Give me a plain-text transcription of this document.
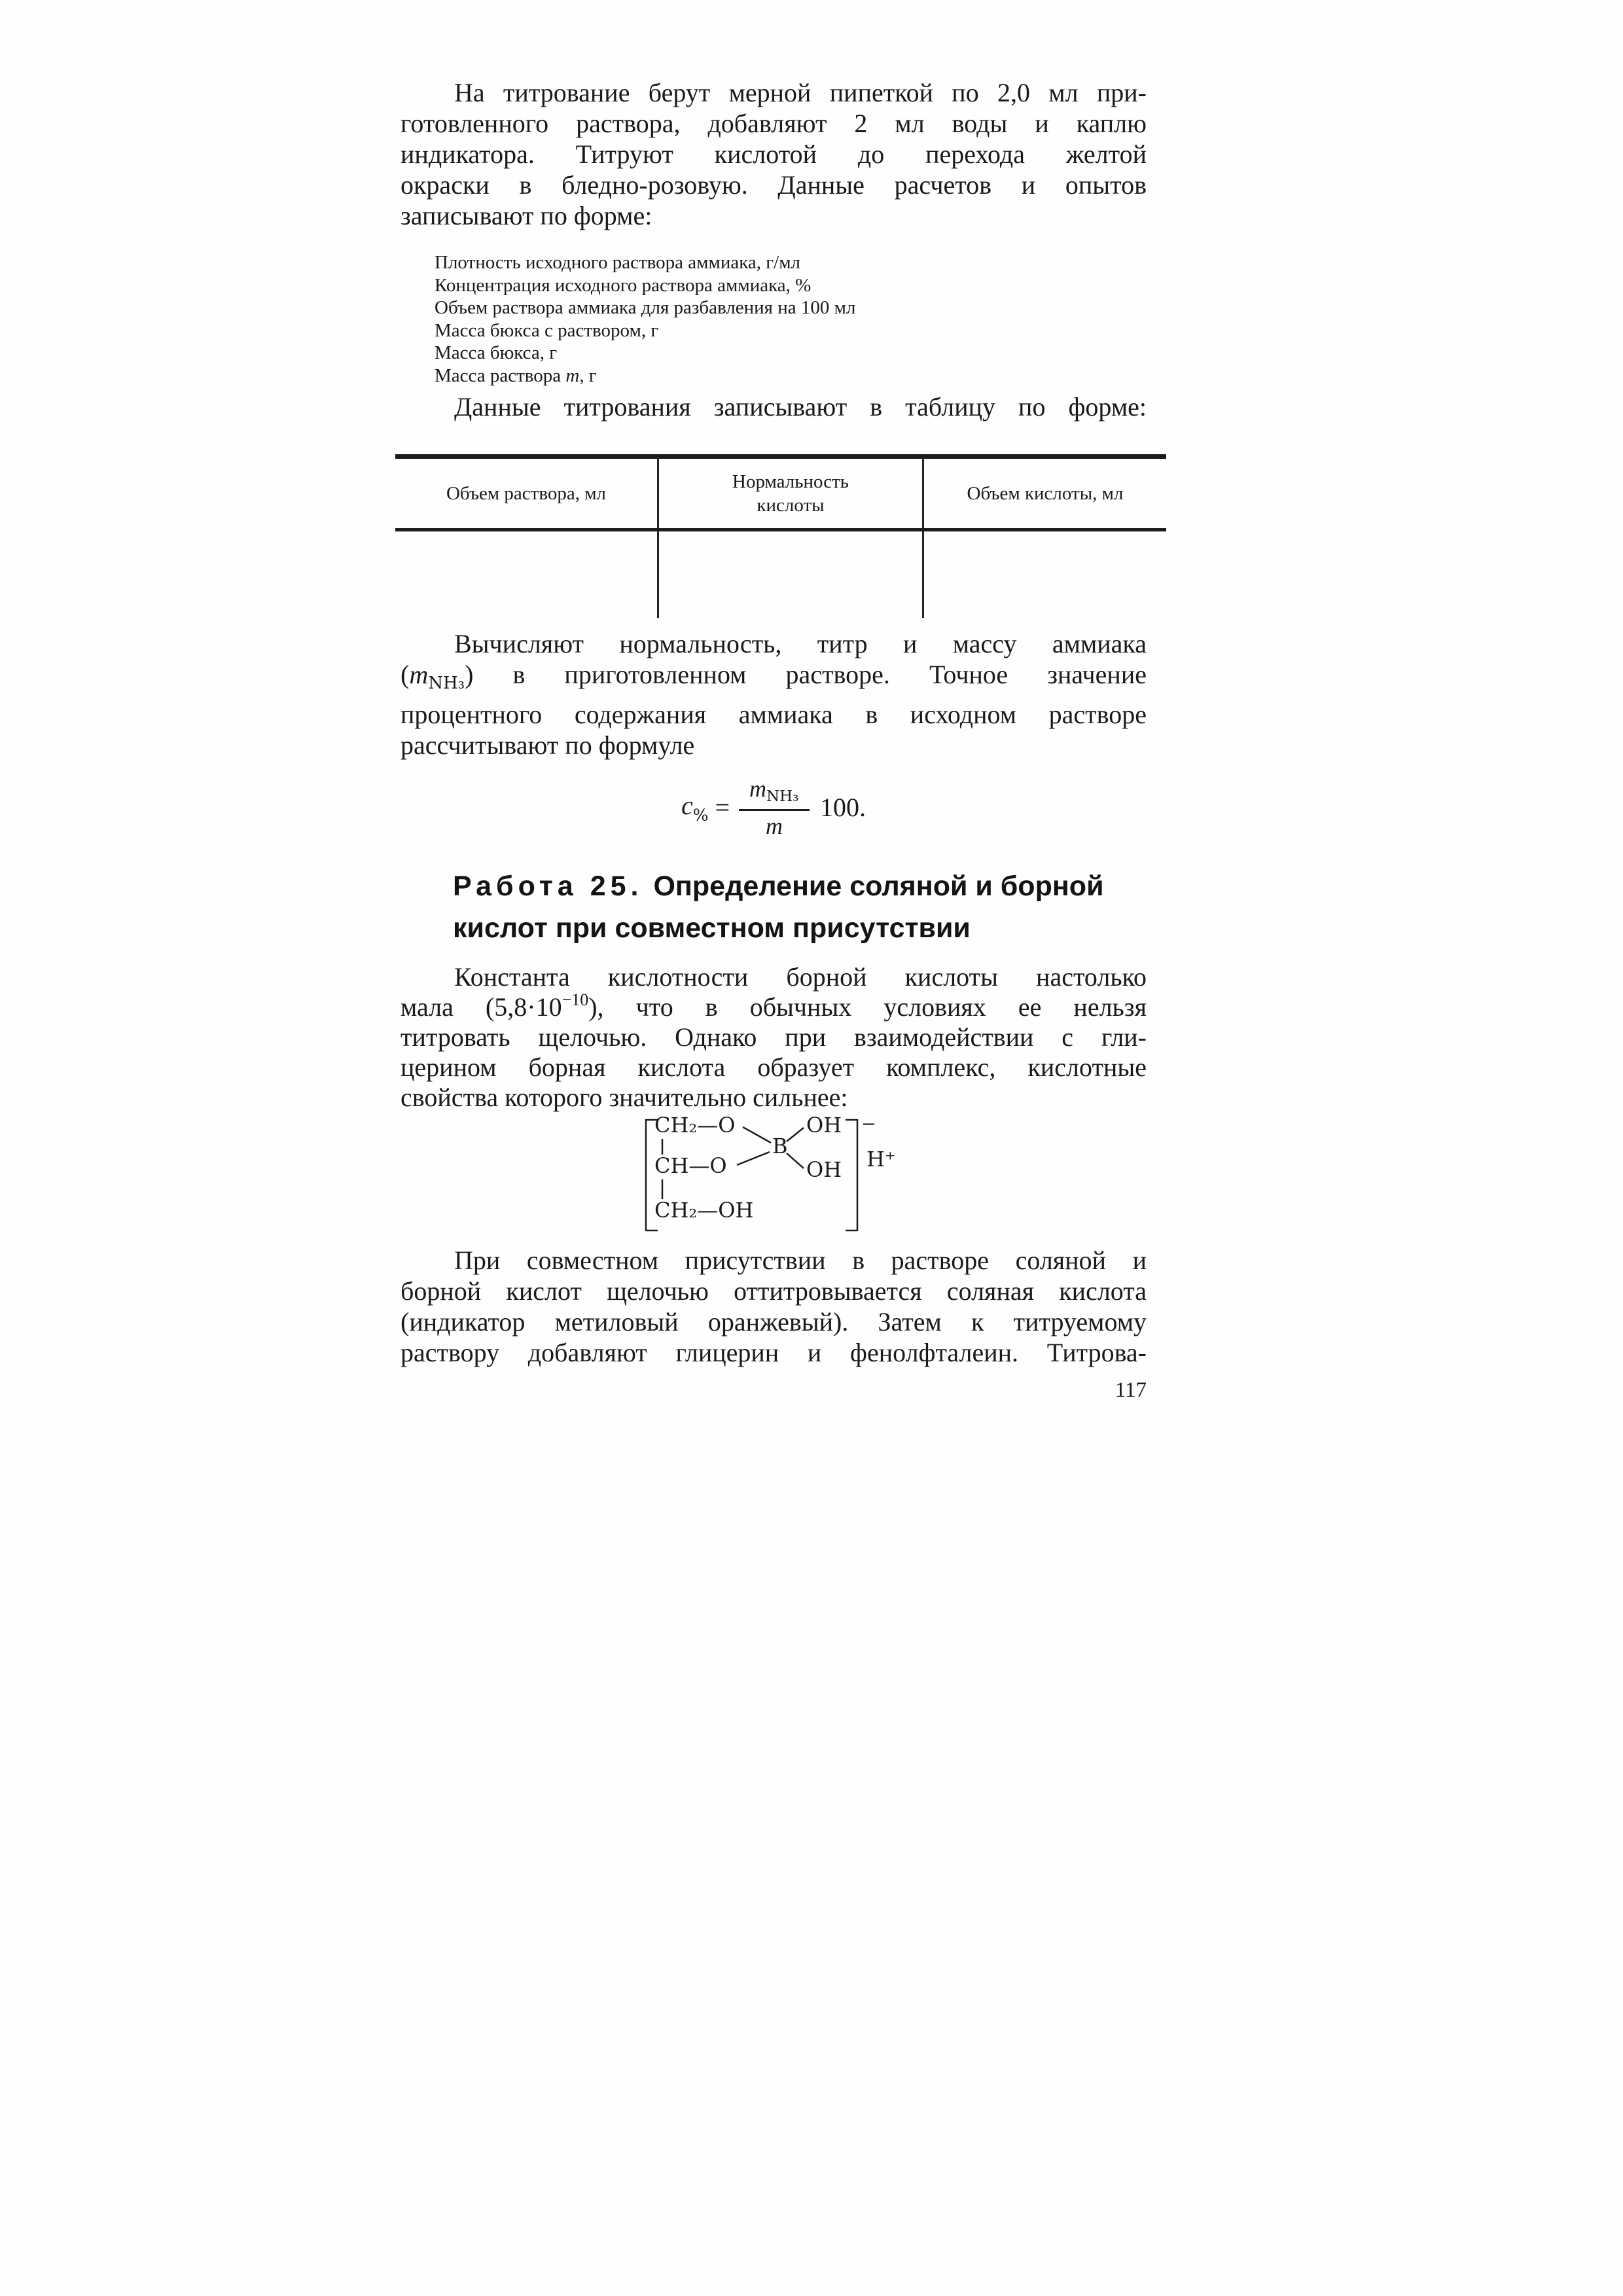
На титрование берут мерной пипеткой по 2,0 мл при-
готовленного раствора, добавляют 2 мл воды и каплю
индикатора. Титруют кислотой до перехода желтой
окраски в бледно-розовую. Данные расчетов и опытов
записывают по форме:
Плотность исходного раствора аммиака, г/мл
Концентрация исходного раствора аммиака, %
Объем раствора аммиака для разбавления на 100 мл
Масса бюкса с раствором, г
Масса бюкса, г
Масса раствора m, г
Данные титрования записывают в таблицу по форме:
Объем раствора, мл
Нормальность
кислоты
Объем кислоты, мл
Вычисляют нормальность, титр и массу аммиака
$(m_{NH_3})$ в приготовленном растворе. Точное значение
процентного содержания аммиака в исходном растворе
рассчитывают по формуле
$c_{\%} = \frac{\text{mNH₃}}{m} 100$.
Работа 25. Определение соляной и борной
кислот при совместном присутствии
Константа кислотности борной кислоты настолько
мала $(5,8\cdot 10^{-10})$, что в обычных условиях ее нельзя
титровать щелочью. Однако при взаимодействии с гли-
церином борная кислота образует комплекс, кислотные
свойства которого значительно сильнее:
CH₂—O
CH—O
CH₂—OH
B
OH
OH
−
H⁺
При совместном присутствии в растворе соляной и
борной кислот щелочью оттитровывается соляная кислота
(индикатор метиловый оранжевый). Затем к титруемому
раствору добавляют глицерин и фенолфталеин. Титрова-
117
